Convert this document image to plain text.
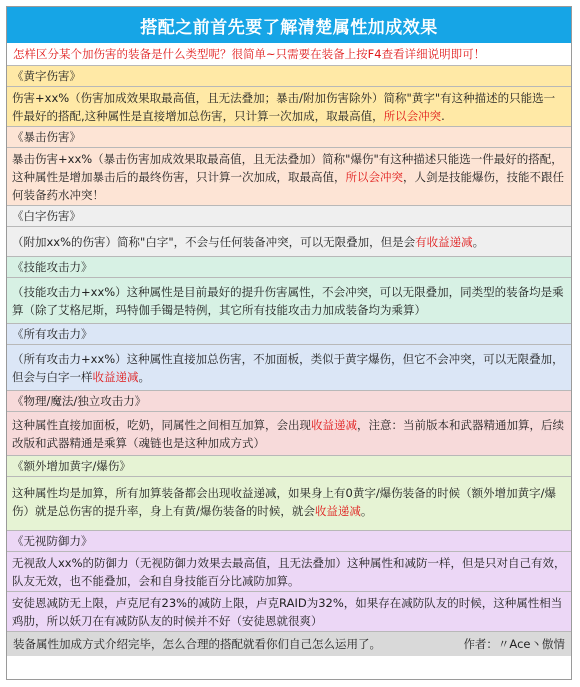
搭配之前首先要了解清楚属性加成效果
怎样区分某个加伤害的装备是什么类型呢？很简单~只需要在装备上按F4查看详细说明即可！
《黄字伤害》
伤害+xx%（伤害加成效果取最高值，且无法叠加；暴击/附加伤害除外）简称"黄字"有这种描述的只能选一件最好的搭配,这种属性是直接增加总伤害，只计算一次加成，取最高值，所以会冲突.
《暴击伤害》
暴击伤害+xx%（暴击伤害加成效果取最高值，且无法叠加）简称"爆伤"有这种描述只能选一件最好的搭配，这种属性是增加暴击后的最终伤害，只计算一次加成，取最高值，所以会冲突，人剑是技能爆伤，技能不跟任何装备药水冲突！
《白字伤害》
（附加xx%的伤害）简称"白字"，不会与任何装备冲突，可以无限叠加，但是会有收益递减。
《技能攻击力》
（技能攻击力+xx%）这种属性是目前最好的提升伤害属性，不会冲突，可以无限叠加，同类型的装备均是乘算（除了艾格尼斯，玛特伽手镯是特例，其它所有技能攻击力加成装备均为乘算）
《所有攻击力》
（所有攻击力+xx%）这种属性直接加总伤害，不加面板，类似于黄字爆伤，但它不会冲突，可以无限叠加，但会与白字一样收益递减。
《物理/魔法/独立攻击力》
这种属性直接加面板，吃奶，同属性之间相互加算，会出现收益递减，注意：当前版本和武器精通加算，后续改版和武器精通是乘算（魂链也是这种加成方式）
《额外增加黄字/爆伤》
这种属性均是加算，所有加算装备都会出现收益递减，如果身上有0黄字/爆伤装备的时候（额外增加黄字/爆伤）就是总伤害的提升率，身上有黄/爆伤装备的时候，就会收益递减。
《无视防御力》
无视敌人xx%的防御力（无视防御力效果去最高值，且无法叠加）这种属性和减防一样，但是只对自己有效，队友无效，也不能叠加，会和自身技能百分比减防加算。
安徒恩减防无上限，卢克尼有23%的减防上限，卢克RAID为32%，如果存在减防队友的时候，这种属性相当鸡肋，所以妖刀在有减防队友的时候并不好（安徒恩就很爽）
装备属性加成方式介绍完毕，怎么合理的搭配就看你们自己怎么运用了。	作者：〃Ace丶傲情
